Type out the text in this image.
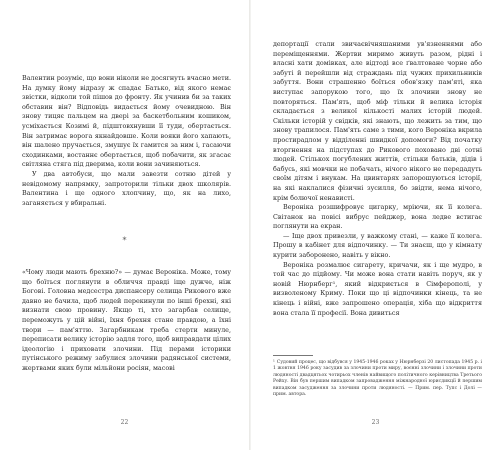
Валентин розуміє, що вони ніколи не досягнуть вчасно мети. На думку йому відразу ж спадає Батько, від якого немає звістки, відколи той пішов до фронту. Як учинив би за таких обставин він? Відповідь видається йому очевидною. Він знову тицяє пальцем на двері за баскетбольним кошиком, усміхається Козимі й, підштовхнувши її туди, обертається. Він затримає ворога якнайдовше. Коли вояки його хапають, він шалено пручається, змушує їх гамится за ним і, гасаючи сходинками, востаннє обертається, щоб побачити, як згасає світляна стяга під дверима, коли вони зачиняються.

У два автобуси, що мали завезти сотню дітей у невідомому напрямку, запроторили тільки двох школярів. Валентина і ще одного хлопчину, що, як на лихо, заганяється у вбиральні.

*

«Чому люди мають брехню?» — думає Вероніка. Може, тому що боїться поглянути в обличчя правді іще дужче, ніж Богові. Головна медсестра диспансеру селища Рикового вже давно не бачила, щоб людей перекинули по інші брехні, які визнати свою провину. Якщо ті, хто загарбав селище, переможуть у цій війні, їхня брехня стане правдою, а їхні твори — пам'яттю. Загарбникам треба стерти минуле, переписати велику історію задля того, щоб виправдати цілих ідеологію і приховати злочини. Під перами історики путінського режиму забулися злочини радянської системи, жертвами яких були мільйони росіян, масові

22

депортації стали звичаєвічняшаними ув'язненнями або переміщеннями. Жертви миримо живуть разом, рідні і власні хати домівках, але відтоді все ґвалтоване чорне або забуті й перейшли від страждань під чужих прихильників забуття. Вони страшенно боїться обов'язку пам'яті, яка виступає запорукою того, що їх злочини знову не повторяться. Пам'ять, щоб міф тільки й велика історія складається з великої кількості малих історій людей. Скільки історій у свідків, які знають, що лежить за тим, що знову трапилося. Пам'ять саме з тими, кого Вероніка вкрила простирадлом у відділенні швидкої допомоги? Від початку вторгнення на підступах до Рикового поховано дві сотні людей. Стількох погублених життів, стільки батьків, дідів і бабусь, які мовчки не побачать, нічого нікого не передадуть своїм дітям і внукам. На цвинтарях запорошуються історії, на які наклалися фізичні зусилля, бо звідти, нема нічого, крім болючої ненависті.

Вероніка розшифровує цигарку, мріючи, як її колега. Світанок на повісі вибрус пейджер, вона ледве встигає поглянути на екран.

— Іще двох привезли, у важкому стані, — каже її колега. Прошу в кабінет для відпочинку. — Ти знаєш, що у кімнату курити заборонено, навіть у вікно.

Вероніка розмалює сигарету, кричачи, як і ще мудро, в той час до підйому. Чи може вона стати навіть поруч, як у новій Нюрнберг¹, який відкриється в Сімферополі, у визволеному Криму. Поки що ці відпочинки кінець, та не кінець і війні, вже запрошено операція, хіба що відкриття вона стала її професії. Вона дивиться

¹ Судовий процес, що відбувся у 1945-1946 роках у Нюрнберзі 20 листопада 1945 р. і 1 жовтня 1946 року засудив за злочини проти миру, воєнні злочини і злочини проти людяності двадцятьох чотирьох членів найвищого політичного керівництва Третього Рейху. Він був першим випадком запровадження міжнародної юрисдикції й першим випадком засудження за злочини проти людяності. — Прим. пер. Тупс і Долі — прим. автора.
23
